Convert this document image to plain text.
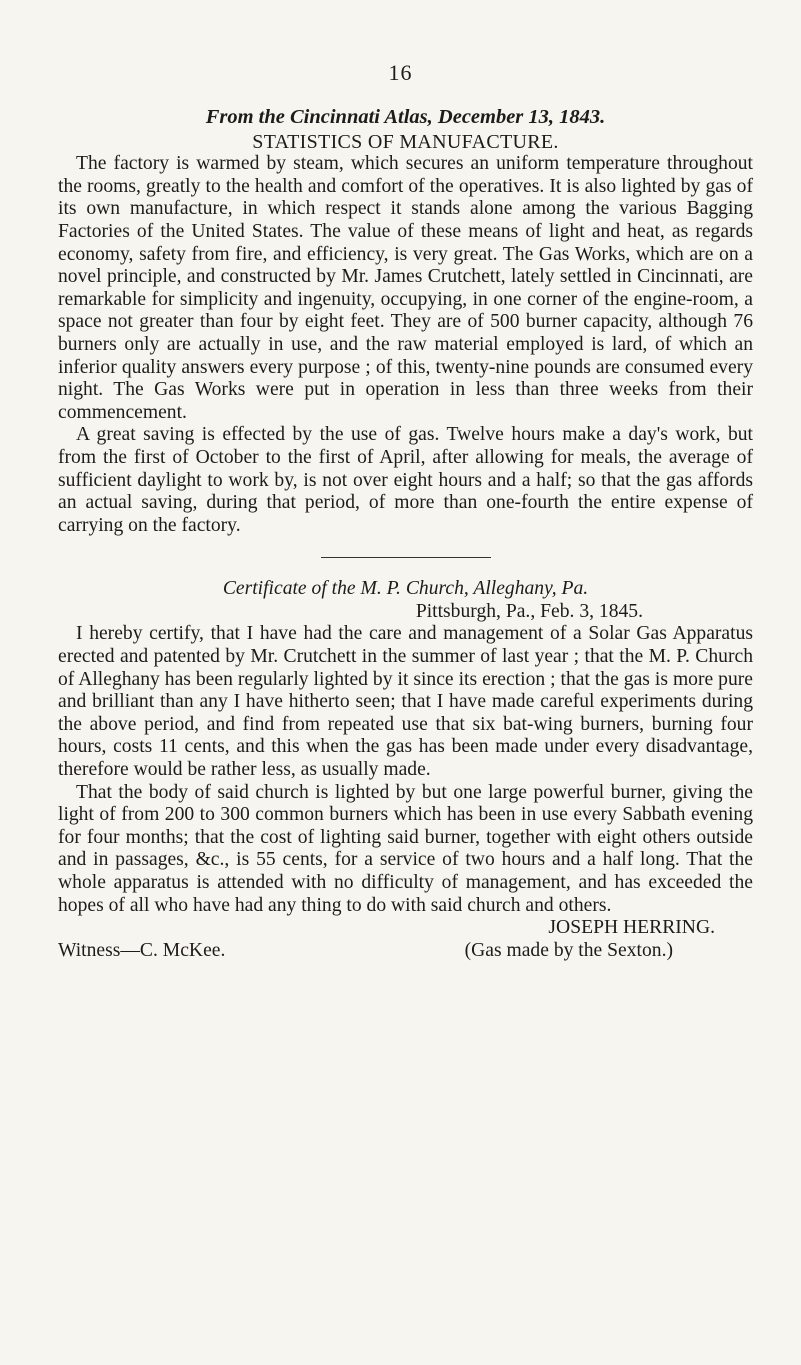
16
From the Cincinnati Atlas, December 13, 1843.
STATISTICS OF MANUFACTURE.

The factory is warmed by steam, which secures an uniform temperature throughout the rooms, greatly to the health and comfort of the operatives. It is also lighted by gas of its own manufacture, in which respect it stands alone among the various Bagging Factories of the United States. The value of these means of light and heat, as regards economy, safety from fire, and efficiency, is very great. The Gas Works, which are on a novel principle, and constructed by Mr. James Crutchett, lately settled in Cincinnati, are remarkable for simplicity and ingenuity, occupying, in one corner of the engine-room, a space not greater than four by eight feet. They are of 500 burner capacity, although 76 burners only are actually in use, and the raw material employed is lard, of which an inferior quality answers every purpose ; of this, twenty-nine pounds are consumed every night. The Gas Works were put in operation in less than three weeks from their commencement.

A great saving is effected by the use of gas. Twelve hours make a day's work, but from the first of October to the first of April, after allowing for meals, the average of sufficient daylight to work by, is not over eight hours and a half; so that the gas affords an actual saving, during that period, of more than one-fourth the entire expense of carrying on the factory.

Certificate of the M. P. Church, Alleghany, Pa.

Pittsburgh, Pa., Feb. 3, 1845.

I hereby certify, that I have had the care and management of a Solar Gas Apparatus erected and patented by Mr. Crutchett in the summer of last year ; that the M. P. Church of Alleghany has been regularly lighted by it since its erection ; that the gas is more pure and brilliant than any I have hitherto seen; that I have made careful experiments during the above period, and find from repeated use that six bat-wing burners, burning four hours, costs 11 cents, and this when the gas has been made under every disadvantage, therefore would be rather less, as usually made.

That the body of said church is lighted by but one large powerful burner, giving the light of from 200 to 300 common burners which has been in use every Sabbath evening for four months; that the cost of lighting said burner, together with eight others outside and in passages, &c., is 55 cents, for a service of two hours and a half long. That the whole apparatus is attended with no difficulty of management, and has exceeded the hopes of all who have had any thing to do with said church and others.

JOSEPH HERRING.
Witness—C. McKee.	(Gas made by the Sexton.)
